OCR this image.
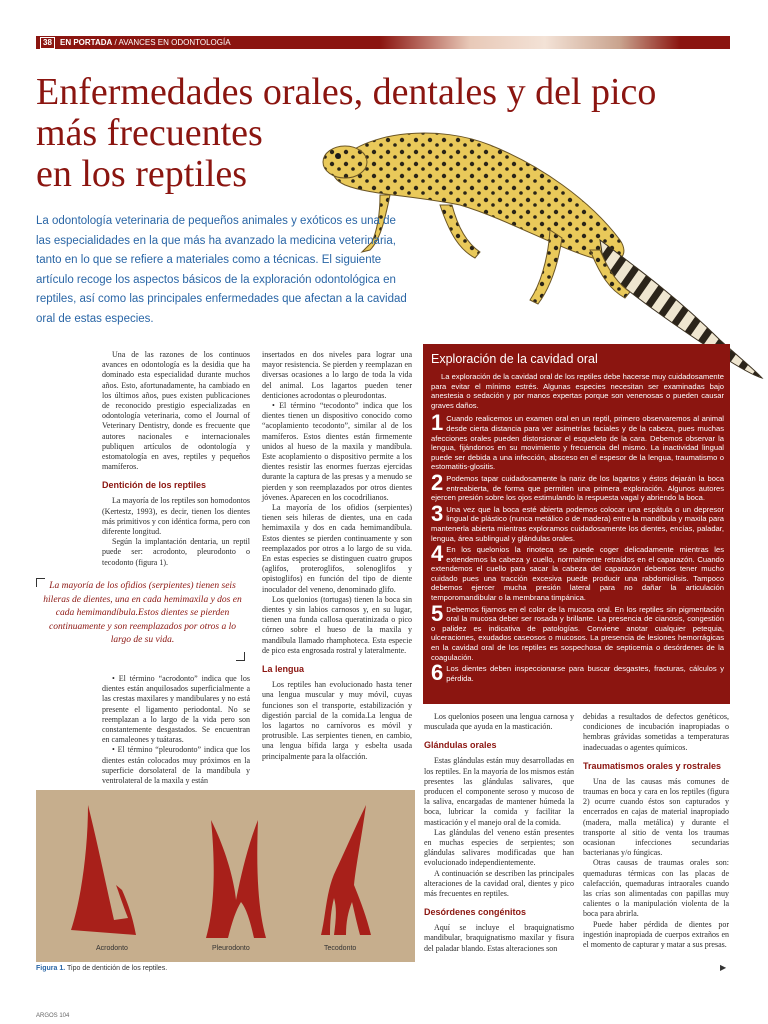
38	EN PORTADA / AVANCES EN ODONTOLOGÍA
Enfermedades orales, dentales y del pico
más frecuentes
en los reptiles
La odontología veterinaria de pequeños animales y exóticos es una de las especialidades en la que más ha avanzado la medicina veterinaria, tanto en lo que se refiere a materiales como a técnicas. El siguiente artículo recoge los aspectos básicos de la exploración odontológica en reptiles, así como las principales enfermedades que afectan a la cavidad oral de estas especies.

Una de las razones de los continuos avances en odontología es la desidia que ha dominado esta especialidad durante muchos años. Esto, afortunadamente, ha cambiado en los últimos años, pues existen publicaciones de reconocido prestigio especializadas en odontología veterinaria, como el Journal of Veterinary Dentistry, donde es frecuente que autores nacionales e internacionales publiquen artículos de odontología y estomatología en aves, reptiles y pequeños mamíferos.

Dentición de los reptiles

La mayoría de los reptiles son homodontos (Kertestz, 1993), es decir, tienen los dientes más primitivos y con idéntica forma, pero con diferente longitud.

Según la implantación dentaria, un reptil puede ser: acrodonto, pleurodonto o tecodonto (figura 1).

La mayoría de los ofidios (serpientes) tienen seis hileras de dientes, una en cada hemimaxila y dos en cada hemimandíbula.Estos dientes se pierden continuamente y son reemplazados por otros a lo largo de su vida.

• El término “acrodonto” indica que los dientes están anquilosados superficialmente a las crestas maxilares y mandibulares y no está presente el ligamento periodontal. No se reemplazan a lo largo de la vida pero son constantemente desgastados. Se encuentran en camaleones y tuátaras.

• El término “pleurodonto” indica que los dientes están colocados muy próximos en la superficie dorsolateral de la mandíbula y ventrolateral de la maxila y están

insertados en dos niveles para lograr una mayor resistencia. Se pierden y reemplazan en diversas ocasiones a lo largo de toda la vida del animal. Los lagartos pueden tener denticiones acrodontas o pleurodontas.

• El término “tecodonto” indica que los dientes tienen un dispositivo conocido como “acoplamiento tecodonto”, similar al de los mamíferos. Estos dientes están firmemente unidos al hueso de la maxila y mandíbula. Este acoplamiento o dispositivo permite a los dientes resistir las enormes fuerzas ejercidas durante la captura de las presas y a menudo se pierden y son reemplazados por otros dientes jóvenes. Aparecen en los cocodrilianos.

La mayoría de los ofidios (serpientes) tienen seis hileras de dientes, una en cada hemimaxila y dos en cada hemimandíbula. Estos dientes se pierden continuamente y son reemplazados por otros a lo largo de su vida. En estas especies se distinguen cuatro grupos (aglifos, proteroglifos, solenoglifos y opistoglifos) en función del tipo de diente inoculador del veneno, denominado glifo.

Los quelonios (tortugas) tienen la boca sin dientes y sin labios carnosos y, en su lugar, tienen una funda callosa queratinizada o pico córneo sobre el hueso de la maxila y mandíbula llamado rhamphoteca. Esta especie de pico esta engrosada rostral y lateralmente.

La lengua

Los reptiles han evolucionado hasta tener una lengua muscular y muy móvil, cuyas funciones son el transporte, estabilización y digestión parcial de la comida.La lengua de los lagartos no carnívoros es móvil y protrusible. Las serpientes tienen, en cambio, una lengua bífida larga y esbelta usada principalmente para la olfacción.

Exploración de la cavidad oral
La exploración de la cavidad oral de los reptiles debe hacerse muy cuidadosamente para evitar el mínimo estrés. Algunas especies necesitan ser examinadas bajo anestesia o sedación y por manos expertas porque son venenosas o pueden causar graves daños.
1 Cuando realicemos un examen oral en un reptil, primero observaremos al animal desde cierta distancia para ver asimetrías faciales y de la cabeza, pues muchas afecciones orales pueden distorsionar el esqueleto de la cara. Debemos observar la lengua, fijándonos en su movimiento y frecuencia del mismo. La inactividad lingual puede ser debida a una infección, absceso en el espesor de la lengua, traumatismo o estomatitis-glositis.
2 Podemos tapar cuidadosamente la nariz de los lagartos y éstos dejarán la boca entreabierta, de forma que permiten una primera exploración. Algunos autores ejercen presión sobre los ojos estimulando la respuesta vagal y abriendo la boca.
3 Una vez que la boca esté abierta podemos colocar una espátula o un depresor lingual de plástico (nunca metálico o de madera) entre la mandíbula y maxila para mantenerla abierta mientras exploramos cuidadosamente los dientes, encías, paladar, lengua, área sublingual y glándulas orales.
4 En los quelonios la rinoteca se puede coger delicadamente mientras les extendemos la cabeza y cuello, normalmente retraídos en el caparazón. Cuando extendemos el cuello para sacar la cabeza del caparazón debemos tener mucho cuidado pues una tracción excesiva puede producir una rabdomiolisis. Tampoco debemos ejercer mucha presión lateral para no dañar la articulación temporomandibular o la membrana timpánica.
5 Debemos fijarnos en el color de la mucosa oral. En los reptiles sin pigmentación oral la mucosa deber ser rosada y brillante. La presencia de cianosis, congestión o palidez es indicativa de patologías. Conviene anotar cualquier petequia, ulceraciones, exudados caseosos o mucosos. La presencia de lesiones hemorrágicas en la cavidad oral de los reptiles es sospechosa de septicemia o desórdenes de la coagulación.
6 Los dientes deben inspeccionarse para buscar desgastes, fracturas, cálculos y pérdida.

Los quelonios poseen una lengua carnosa y musculada que ayuda en la masticación.

Glándulas orales

Estas glándulas están muy desarrolladas en los reptiles. En la mayoría de los mismos están presentes las glándulas salivares, que producen el componente seroso y mucoso de la saliva, encargadas de mantener húmeda la boca, lubricar la comida y facilitar la masticación y el manejo oral de la comida.

Las glándulas del veneno están presentes en muchas especies de serpientes; son glándulas salivares modificadas que han evolucionado independientemente.

A continuación se describen las principales alteraciones de la cavidad oral, dientes y pico más frecuentes en reptiles.

Desórdenes congénitos

Aquí se incluye el braquignatismo mandibular, braquignatismo maxilar y fisura del paladar blando. Estas alteraciones son

debidas a resultados de defectos genéticos, condiciones de incubación inapropiadas o hembras grávidas sometidas a temperaturas inadecuadas o agentes químicos.

Traumatismos orales y rostrales

Una de las causas más comunes de traumas en boca y cara en los reptiles (figura 2) ocurre cuando éstos son capturados y encerrados en cajas de material inapropiado (madera, malla metálica) y durante el transporte al sitio de venta los traumas ocasionan infecciones secundarias bacterianas y/o fúngicas.

Otras causas de traumas orales son: quemaduras térmicas con las placas de calefacción, quemaduras intraorales cuando las crías son alimentadas con papillas muy calientes o la manipulación violenta de la boca para abrirla.

Puede haber pérdida de dientes por ingestión inapropiada de cuerpos extraños en el momento de capturar y matar a sus presas.

▶
Acrodonto	Pleurodonto	Tecodonto
Figura 1. Tipo de dentición de los reptiles.
ARGOS 104
